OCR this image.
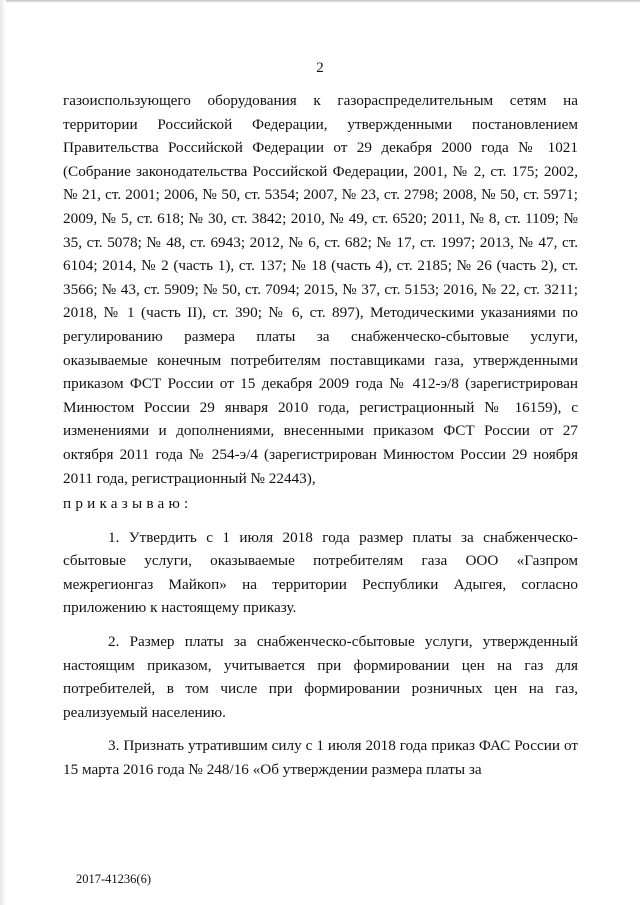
2

газоиспользующего оборудования к газораспределительным сетям на территории Российской Федерации, утвержденными постановлением Правительства Российской Федерации от 29 декабря 2000 года № 1021 (Собрание законодательства Российской Федерации, 2001, № 2, ст. 175; 2002, № 21, ст. 2001; 2006, № 50, ст. 5354; 2007, № 23, ст. 2798; 2008, № 50, ст. 5971; 2009, № 5, ст. 618; № 30, ст. 3842; 2010, № 49, ст. 6520; 2011, № 8, ст. 1109; № 35, ст. 5078; № 48, ст. 6943; 2012, № 6, ст. 682; № 17, ст. 1997; 2013, № 47, ст. 6104; 2014, № 2 (часть 1), ст. 137; № 18 (часть 4), ст. 2185; № 26 (часть 2), ст. 3566; № 43, ст. 5909; № 50, ст. 7094; 2015, № 37, ст. 5153; 2016, № 22, ст. 3211; 2018, № 1 (часть II), ст. 390; № 6, ст. 897), Методическими указаниями по регулированию размера платы за снабженческо-сбытовые услуги, оказываемые конечным потребителям поставщиками газа, утвержденными приказом ФСТ России от 15 декабря 2009 года № 412-э/8 (зарегистрирован Минюстом России 29 января 2010 года, регистрационный № 16159), с изменениями и дополнениями, внесенными приказом ФСТ России от 27 октября 2011 года № 254-э/4 (зарегистрирован Минюстом России 29 ноября 2011 года, регистрационный № 22443),

приказываю:

1. Утвердить с 1 июля 2018 года размер платы за снабженческо-сбытовые услуги, оказываемые потребителям газа ООО «Газпром межрегионгаз Майкоп» на территории Республики Адыгея, согласно приложению к настоящему приказу.

2. Размер платы за снабженческо-сбытовые услуги, утвержденный настоящим приказом, учитывается при формировании цен на газ для потребителей, в том числе при формировании розничных цен на газ, реализуемый населению.

3. Признать утратившим силу с 1 июля 2018 года приказ ФАС России от 15 марта 2016 года № 248/16 «Об утверждении размера платы за

2017-41236(6)
